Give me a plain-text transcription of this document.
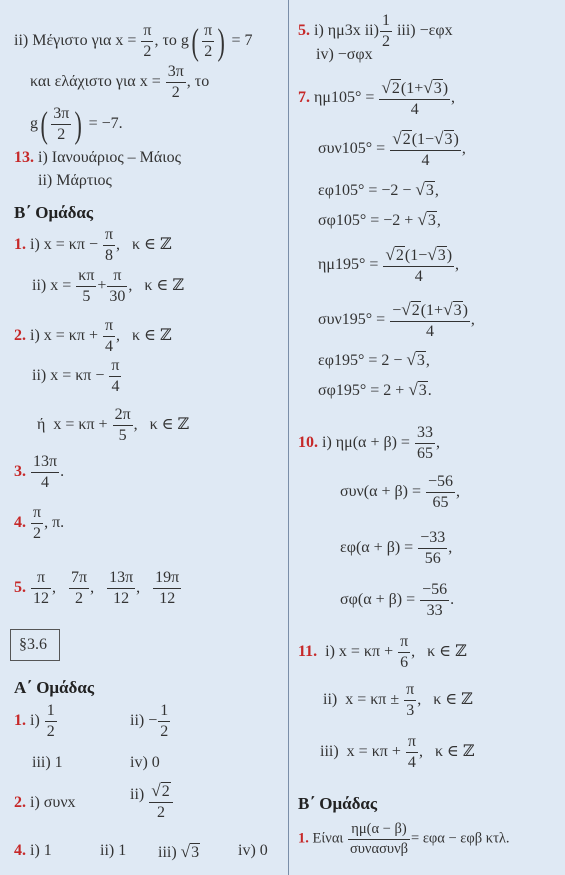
ii) Μέγιστο για $x = \frac{\pi}{2}$ , το $g( \frac{\pi}{2}$ ) = 7
και ελάχιστο για $x = \frac{3\pi}{2}$ , το
$g( \frac{3\pi}{2}$ ) = −7.
13. i) Ιανουάριος – Μάιος
ii) Μάρτιος
Β΄ Ομάδας
1. i) $x = \kappa\pi - \frac{\pi}{8}$ , κ ∈ ℤ
ii) $x = \frac{\kappa\pi}{5} + \frac{\pi}{30}$ , κ ∈ ℤ
2. i) $x = \kappa\pi + \frac{\pi}{4}$ , κ ∈ ℤ
ii) $x = \kappa\pi - \frac{\pi}{4}$
ή $x = \kappa\pi + \frac{2\pi}{5}$ , κ ∈ ℤ
3. $\frac{13\pi}{4}$ .
4. $\frac{\pi}{2}$ , π.
5. $\frac{\pi}{12}$ , $\frac{7\pi}{2}$ , $\frac{13\pi}{12}$ , $\frac{19\pi}{12}$
§3.6
Α΄ Ομάδας
1. $i) \frac{1}{2}$	$ii) - \frac{1}{2}$
iii) 1	iv) 0
2. i) συνx	$ii) \frac{√2}{2}$
4. i) 1	ii) 1 iii) √3 iv) 0
5. i) ημ3x $ii) \frac{1}{2} iii) -\varepsilon\varphi x$
iv) −σφx
7. $\eta\mu 105^\circ = \frac{√2(1+√3)}{4}$ ,
$\sigma\upsilon\nu 105^\circ = \frac{√2(1-√3)}{4}$ ,
εφ105° = −2 − √3,
σφ105° = −2 + √3,
$\eta\mu 195^\circ = \frac{√2(1-√3)}{4}$ ,
$\sigma\upsilon\nu 195^\circ = \frac{-√2(1+√3)}{4}$ ,
εφ195° = 2 − √3,
σφ195° = 2 + √3.
10. i) $\eta\mu(\alpha + \beta) = \frac{33}{65}$ ,
$\sigma\upsilon\nu(\alpha + \beta) = \frac{-56}{65}$ ,
$\varepsilon\varphi(\alpha + \beta) = \frac{-33}{56}$ ,
$\sigma\varphi(\alpha + \beta) = \frac{-56}{33}$ .
11. i) $x = \kappa\pi + \frac{\pi}{6}$ , κ ∈ ℤ
ii) $x = \kappa\pi \pm \frac{\pi}{3}$ , κ ∈ ℤ
iii) $x = \kappa\pi + \frac{\pi}{4}$ , κ ∈ ℤ
Β΄ Ομάδας
1. Είναι $\frac{\eta\mu(\alpha - \beta)}{\text{συνασυνβ}} = \varepsilon\varphi\alpha - \varepsilon\varphi\beta$ κτλ.
